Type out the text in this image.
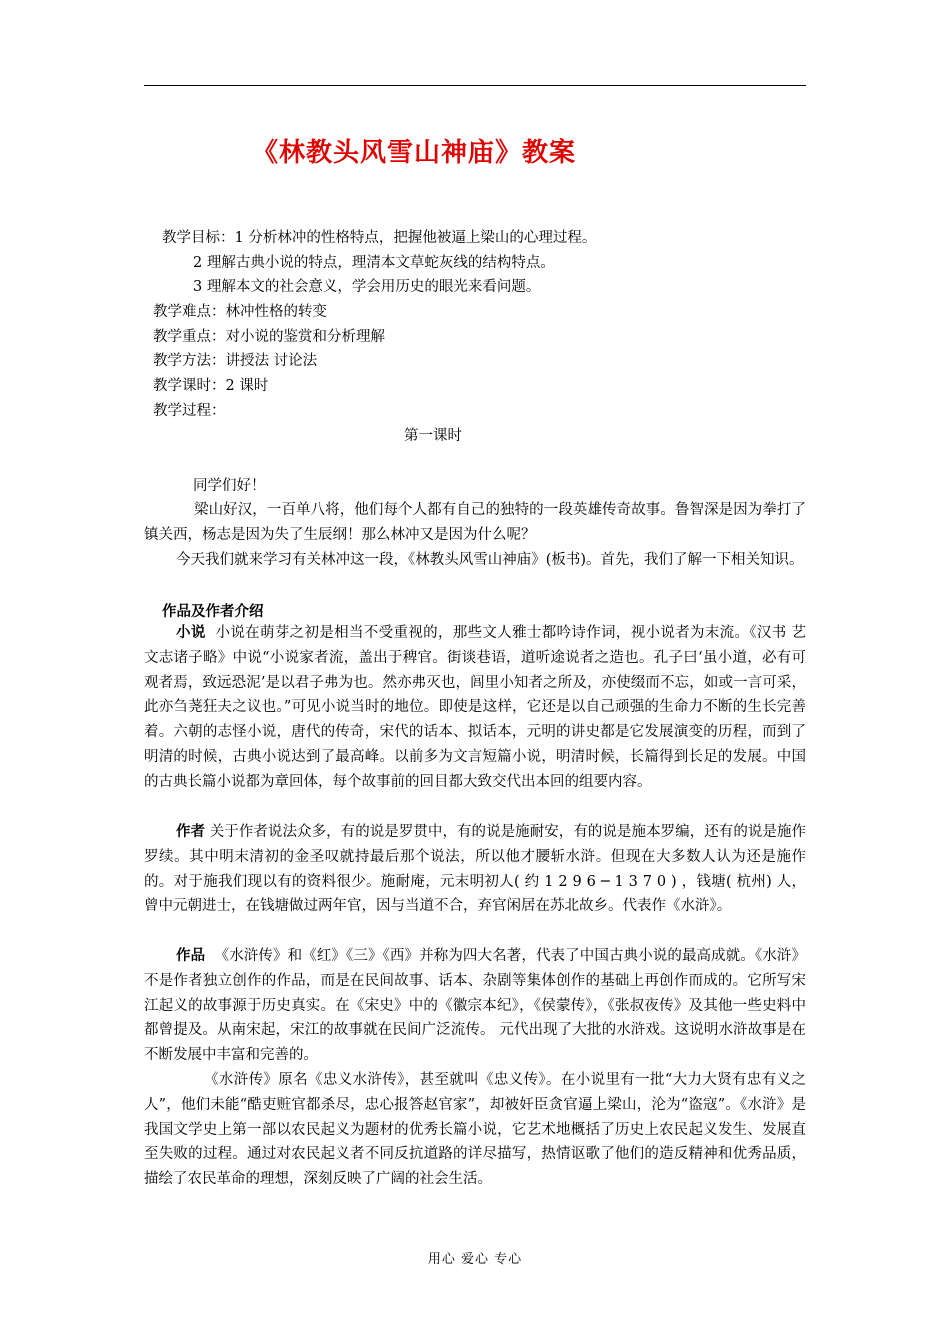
《林教头风雪山神庙》教案
教学目标：1 分析林冲的性格特点，把握他被逼上梁山的心理过程。
2 理解古典小说的特点，理清本文草蛇灰线的结构特点。
3 理解本文的社会意义，学会用历史的眼光来看问题。
教学难点：林冲性格的转变
教学重点：对小说的鉴赏和分析理解
教学方法：讲授法 讨论法
教学课时：2 课时
教学过程：
第一课时
同学们好！
梁山好汉，一百单八将，他们每个人都有自己的独特的一段英雄传奇故事。鲁智深是因为拳打了镇关西，杨志是因为失了生辰纲！那么林冲又是因为什么呢？
今天我们就来学习有关林冲这一段，《林教头风雪山神庙》(板书)。首先，我们了解一下相关知识。
作品及作者介绍
小说 小说在萌芽之初是相当不受重视的，那些文人雅士都吟诗作词，视小说者为末流。《汉书 艺文志诸子略》中说“小说家者流，盖出于稗官。街谈巷语，道听途说者之造也。孔子曰‘虽小道，必有可观者焉，致远恐泥’是以君子弗为也。然亦弗灭也，闾里小知者之所及，亦使缀而不忘，如或一言可采，此亦刍荛狂夫之议也。”可见小说当时的地位。即使是这样，它还是以自己顽强的生命力不断的生长完善着。六朝的志怪小说，唐代的传奇，宋代的话本、拟话本，元明的讲史都是它发展演变的历程，而到了明清的时候，古典小说达到了最高峰。以前多为文言短篇小说，明清时候，长篇得到长足的发展。中国的古典长篇小说都为章回体，每个故事前的回目都大致交代出本回的组要内容。
作者 关于作者说法众多，有的说是罗贯中，有的说是施耐安，有的说是施本罗编，还有的说是施作罗续。其中明末清初的金圣叹就持最后那个说法，所以他才腰斩水浒。但现在大多数人认为还是施作的。对于施我们现以有的资料很少。施耐庵，元末明初人( 约 1 2 9 6 ─ 1 3 7 0 ) ，钱塘( 杭州) 人，曾中元朝进士，在钱塘做过两年官，因与当道不合，弃官闲居在苏北故乡。代表作《水浒》。
作品 《水浒传》和《红》《三》《西》并称为四大名著，代表了中国古典小说的最高成就。《水浒》不是作者独立创作的作品，而是在民间故事、话本、杂剧等集体创作的基础上再创作而成的。它所写宋江起义的故事源于历史真实。在《宋史》中的《徽宗本纪》，《侯蒙传》，《张叔夜传》及其他一些史料中都曾提及。从南宋起，宋江的故事就在民间广泛流传。 元代出现了大批的水浒戏。这说明水浒故事是在不断发展中丰富和完善的。
《水浒传》原名《忠义水浒传》，甚至就叫《忠义传》。在小说里有一批“大力大贤有忠有义之人”，他们未能“酷吏赃官都杀尽，忠心报答赵官家”，却被奸臣贪官逼上梁山，沦为“盗寇”。《水浒》是我国文学史上第一部以农民起义为题材的优秀长篇小说，它艺术地概括了历史上农民起义发生、发展直至失败的过程。通过对农民起义者不同反抗道路的详尽描写，热情讴歌了他们的造反精神和优秀品质，描绘了农民革命的理想，深刻反映了广阔的社会生活。
用心 爱心 专心
